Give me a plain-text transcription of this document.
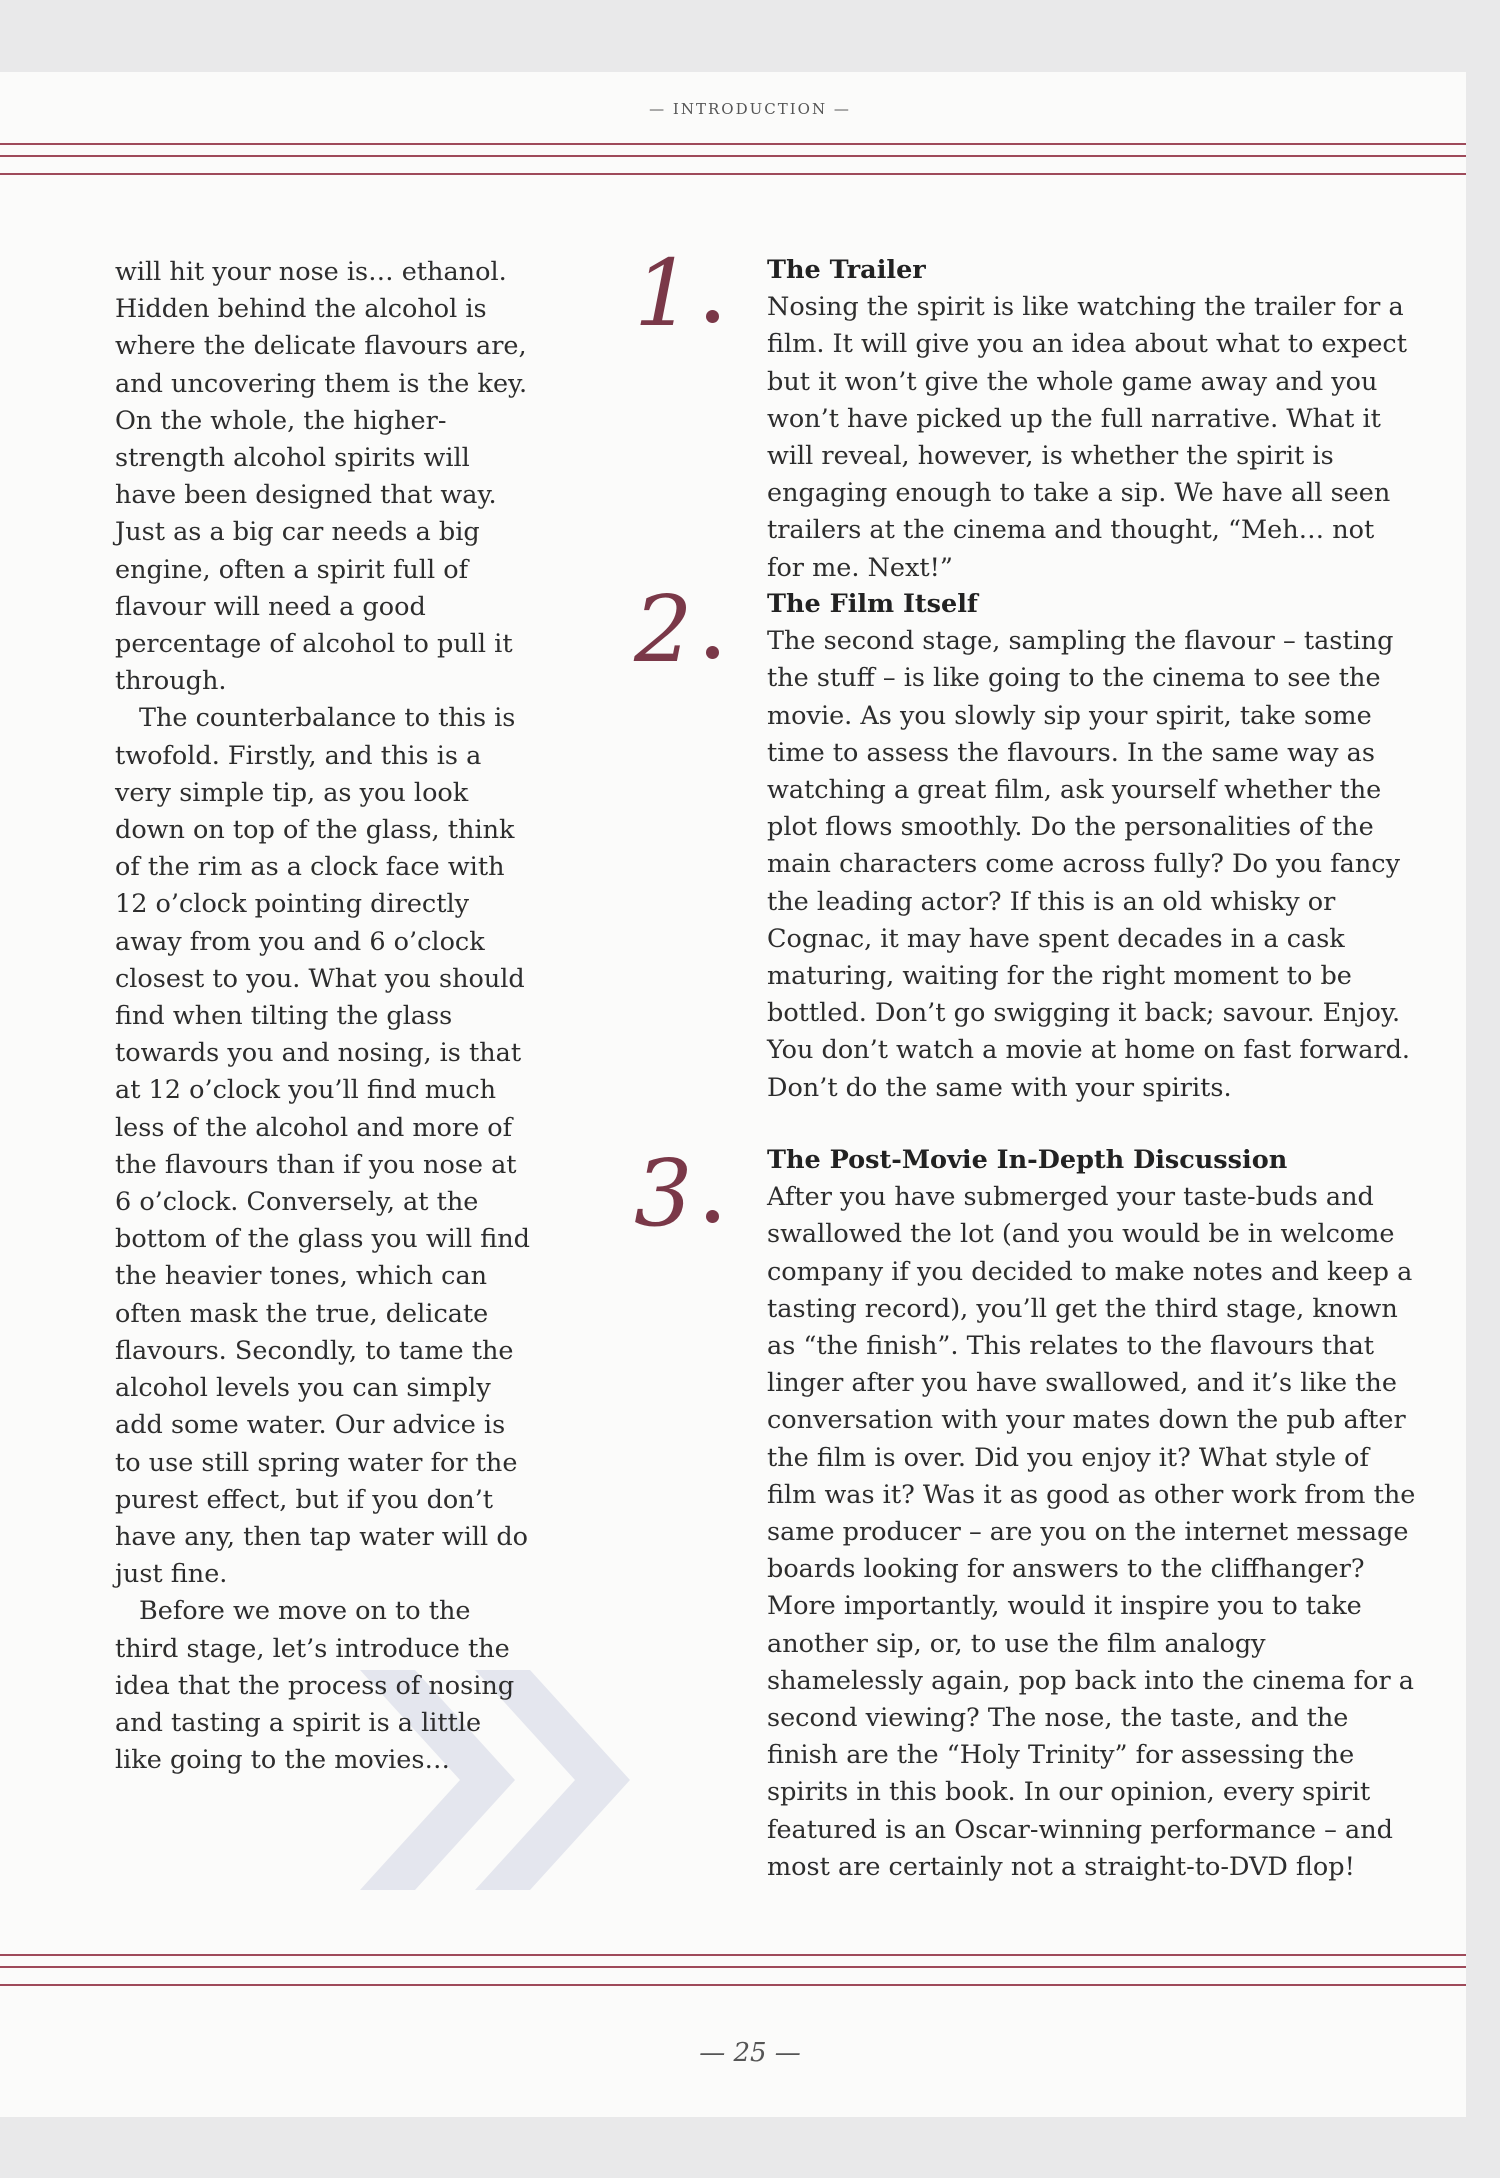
— INTRODUCTION —

will hit your nose is… ethanol. Hidden behind the alcohol is where the delicate flavours are, and uncovering them is the key. On the whole, the higher-strength alcohol spirits will have been designed that way. Just as a big car needs a big engine, often a spirit full of flavour will need a good percentage of alcohol to pull it through.

The counterbalance to this is twofold. Firstly, and this is a very simple tip, as you look down on top of the glass, think of the rim as a clock face with 12 o’clock pointing directly away from you and 6 o’clock closest to you. What you should find when tilting the glass towards you and nosing, is that at 12 o’clock you’ll find much less of the alcohol and more of the flavours than if you nose at 6 o’clock. Conversely, at the bottom of the glass you will find the heavier tones, which can often mask the true, delicate flavours. Secondly, to tame the alcohol levels you can simply add some water. Our advice is to use still spring water for the purest effect, but if you don’t have any, then tap water will do just fine.

Before we move on to the third stage, let’s introduce the idea that the process of nosing and tasting a spirit is a little like going to the movies…

1	The Trailer

Nosing the spirit is like watching the trailer for a film. It will give you an idea about what to expect but it won’t give the whole game away and you won’t have picked up the full narrative. What it will reveal, however, is whether the spirit is engaging enough to take a sip. We have all seen trailers at the cinema and thought, “Meh… not for me. Next!”

2	The Film Itself

The second stage, sampling the flavour – tasting the stuff – is like going to the cinema to see the movie. As you slowly sip your spirit, take some time to assess the flavours. In the same way as watching a great film, ask yourself whether the plot flows smoothly. Do the personalities of the main characters come across fully? Do you fancy the leading actor? If this is an old whisky or Cognac, it may have spent decades in a cask maturing, waiting for the right moment to be bottled. Don’t go swigging it back; savour. Enjoy. You don’t watch a movie at home on fast forward. Don’t do the same with your spirits.

3	The Post-Movie In-Depth Discussion

After you have submerged your taste-buds and swallowed the lot (and you would be in welcome company if you decided to make notes and keep a tasting record), you’ll get the third stage, known as “the finish”. This relates to the flavours that linger after you have swallowed, and it’s like the conversation with your mates down the pub after the film is over. Did you enjoy it? What style of film was it? Was it as good as other work from the same producer – are you on the internet message boards looking for answers to the cliffhanger? More importantly, would it inspire you to take another sip, or, to use the film analogy shamelessly again, pop back into the cinema for a second viewing? The nose, the taste, and the finish are the “Holy Trinity” for assessing the spirits in this book. In our opinion, every spirit featured is an Oscar-winning performance – and most are certainly not a straight-to-DVD flop!

— 25 —
